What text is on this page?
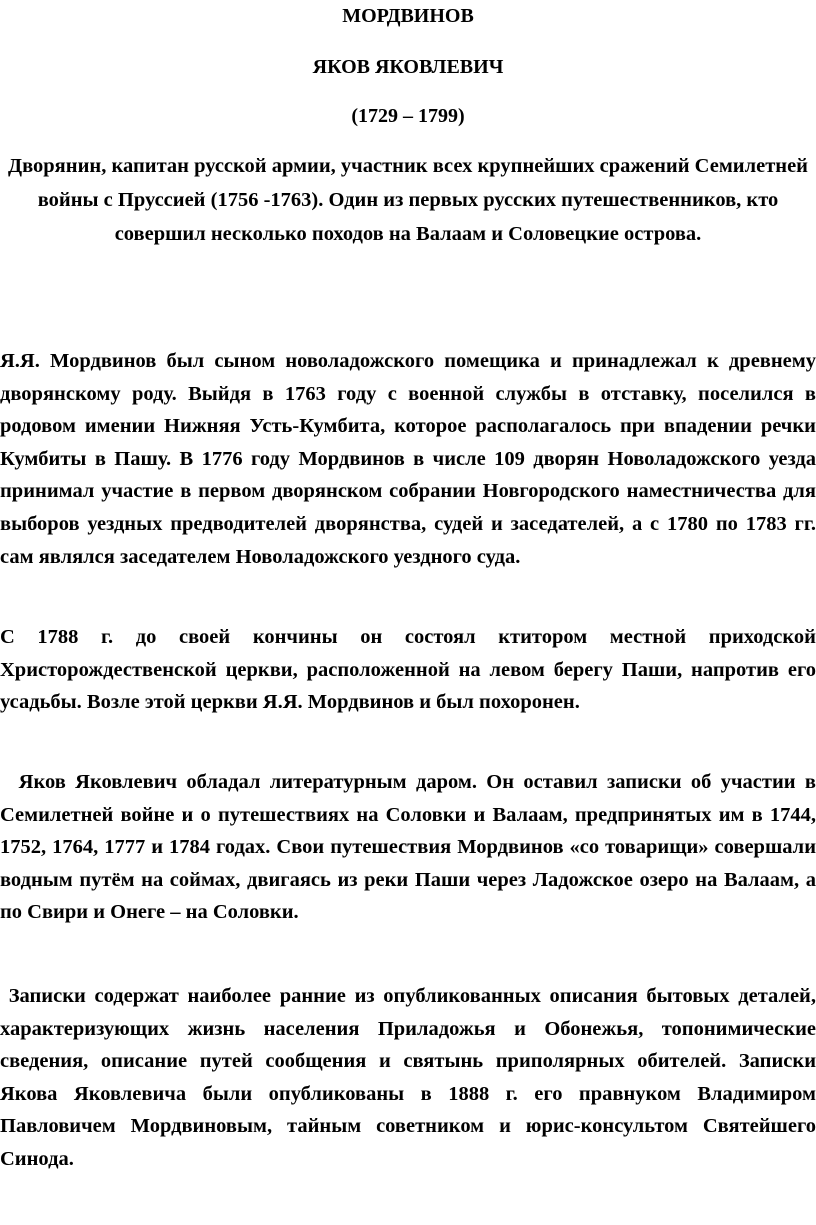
МОРДВИНОВ
ЯКОВ ЯКОВЛЕВИЧ
(1729 – 1799)
Дворянин, капитан русской армии, участник всех крупнейших сражений Семилетней войны с Пруссией (1756 -1763). Один из первых русских путешественников, кто совершил несколько походов на Валаам и Соловецкие острова.
Я.Я. Мордвинов был сыном новоладожского помещика и принадлежал к древнему дворянскому роду. Выйдя в 1763 году с военной службы в отставку, поселился в родовом имении Нижняя Усть-Кумбита, которое располагалось при впадении речки Кумбиты в Пашу. В 1776 году Мордвинов в числе 109 дворян Новоладожского уезда принимал участие в первом дворянском собрании Новгородского наместничества для выборов уездных предводителей дворянства, судей и заседателей, а с 1780 по 1783 гг. сам являлся заседателем Новоладожского уездного суда.
С 1788 г. до своей кончины он состоял ктитором местной приходской Христорождественской церкви, расположенной на левом берегу Паши, напротив его усадьбы. Возле этой церкви Я.Я. Мордвинов и был похоронен.
Яков Яковлевич обладал литературным даром. Он оставил записки об участии в Семилетней войне и о путешествиях на Соловки и Валаам, предпринятых им в 1744, 1752, 1764, 1777 и 1784 годах. Свои путешествия Мордвинов «со товарищи» совершали водным путём на соймах, двигаясь из реки Паши через Ладожское озеро на Валаам, а по Свири и Онеге – на Соловки.
Записки содержат наиболее ранние из опубликованных описания бытовых деталей, характеризующих жизнь населения Приладожья и Обонежья, топонимические сведения, описание путей сообщения и святынь приполярных обителей. Записки Якова Яковлевича были опубликованы в 1888 г. его правнуком Владимиром Павловичем Мордвиновым, тайным советником и юрис-консультом Святейшего Синода.
